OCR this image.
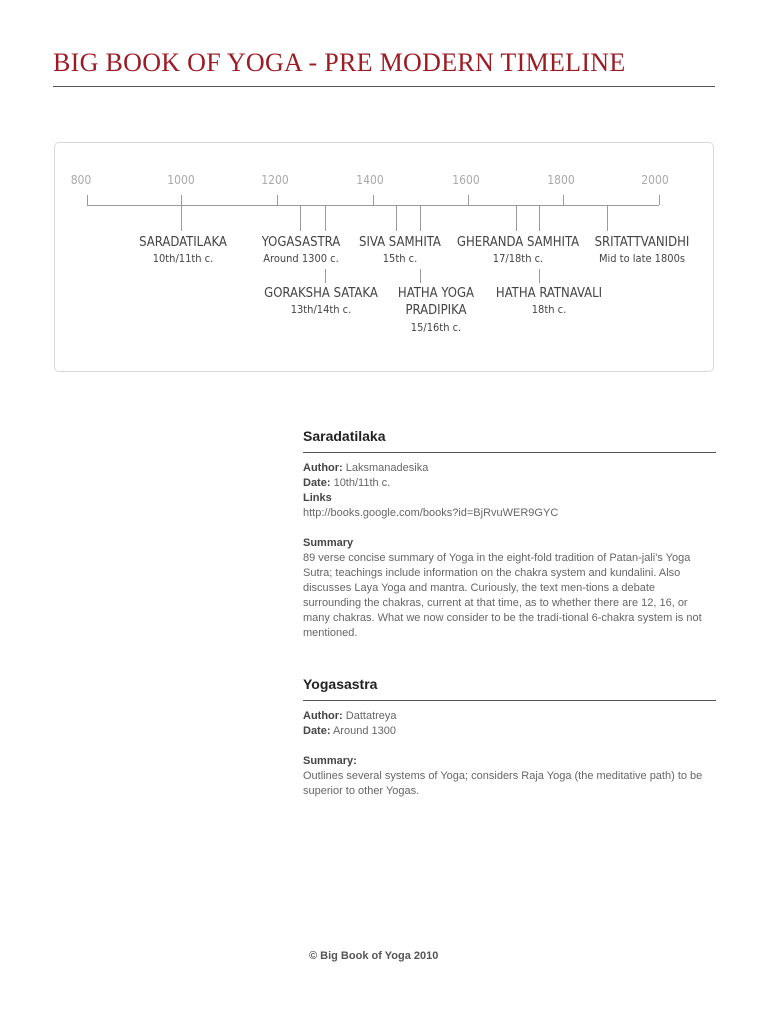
BIG BOOK OF YOGA - PRE MODERN TIMELINE
800	1000	1200	1400	1600	1800	2000
SARADATILAKA
10th/11th c.
YOGASASTRA
Around 1300 c.
SIVA SAMHITA
15th c.
GHERANDA SAMHITA
17/18th c.
SRITATTVANIDHI
Mid to late 1800s
GORAKSHA SATAKA
13th/14th c.
HATHA YOGA
PRADIPIKA
15/16th c.
HATHA RATNAVALI
18th c.
Saradatilaka
Author: Laksmanadesika
Date: 10th/11th c.
Links
http://books.google.com/books?id=BjRvuWER9GYC
Summary
89 verse concise summary of Yoga in the eight-fold tradition of Patan-jali's Yoga Sutra; teachings include information on the chakra system and kundalini. Also discusses Laya Yoga and mantra. Curiously, the text men-tions a debate surrounding the chakras, current at that time, as to whether there are 12, 16, or many chakras. What we now consider to be the tradi-tional 6-chakra system is not mentioned.
Yogasastra
Author: Dattatreya
Date: Around 1300
Summary:
Outlines several systems of Yoga; considers Raja Yoga (the meditative path) to be superior to other Yogas.
© Big Book of Yoga 2010
